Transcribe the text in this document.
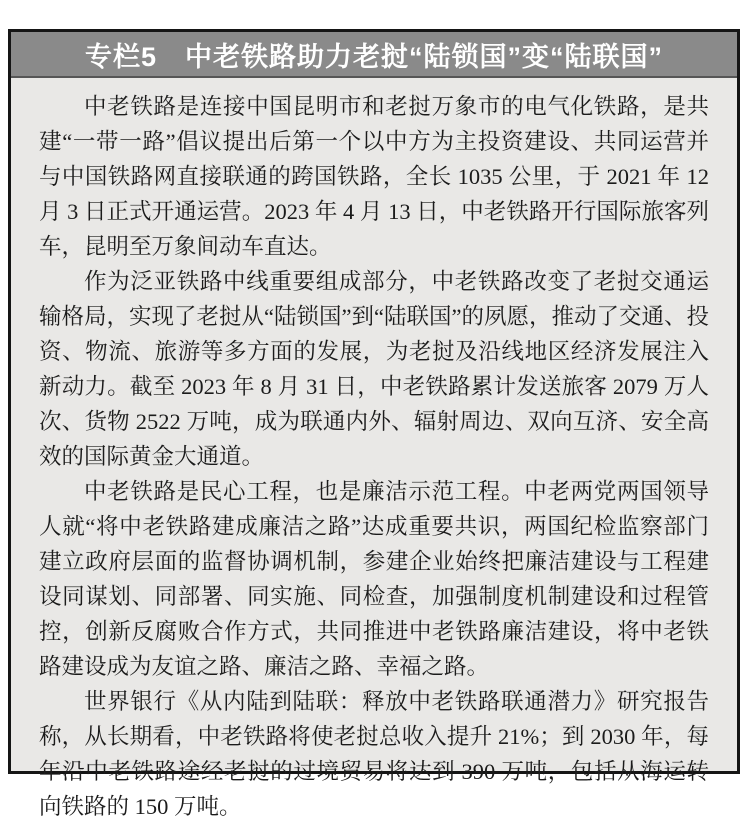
专栏5 中老铁路助力老挝“陆锁国”变“陆联国”

中老铁路是连接中国昆明市和老挝万象市的电气化铁路，是共建“一带一路”倡议提出后第一个以中方为主投资建设、共同运营并与中国铁路网直接联通的跨国铁路，全长 1035 公里，于 2021 年 12 月 3 日正式开通运营。2023 年 4 月 13 日，中老铁路开行国际旅客列车，昆明至万象间动车直达。

作为泛亚铁路中线重要组成部分，中老铁路改变了老挝交通运输格局，实现了老挝从“陆锁国”到“陆联国”的夙愿，推动了交通、投资、物流、旅游等多方面的发展，为老挝及沿线地区经济发展注入新动力。截至 2023 年 8 月 31 日，中老铁路累计发送旅客 2079 万人次、货物 2522 万吨，成为联通内外、辐射周边、双向互济、安全高效的国际黄金大通道。

中老铁路是民心工程，也是廉洁示范工程。中老两党两国领导人就“将中老铁路建成廉洁之路”达成重要共识，两国纪检监察部门建立政府层面的监督协调机制，参建企业始终把廉洁建设与工程建设同谋划、同部署、同实施、同检查，加强制度机制建设和过程管控，创新反腐败合作方式，共同推进中老铁路廉洁建设，将中老铁路建设成为友谊之路、廉洁之路、幸福之路。

世界银行《从内陆到陆联：释放中老铁路联通潜力》研究报告称，从长期看，中老铁路将使老挝总收入提升 21%；到 2030 年，每年沿中老铁路途经老挝的过境贸易将达到 390 万吨，包括从海运转向铁路的 150 万吨。
